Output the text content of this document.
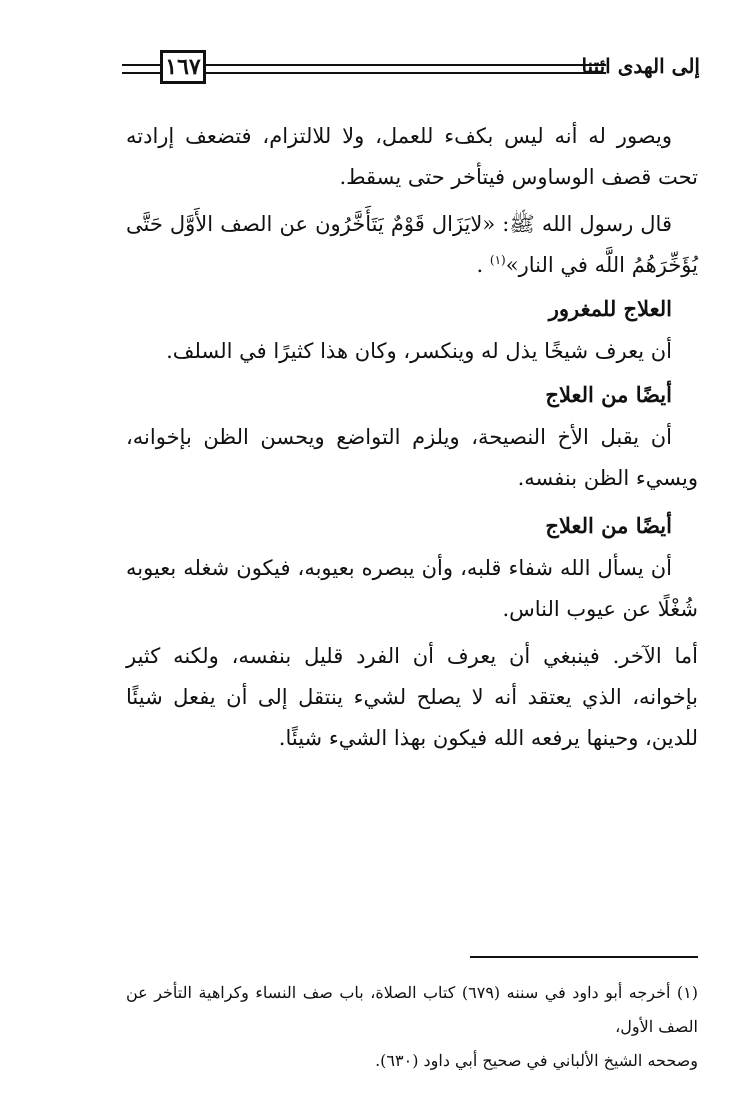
١٦٧	إلى الهدى ائتنا

ويصور له أنه ليس بكفء للعمل، ولا للالتزام، فتضعف إرادته تحت قصف الوساوس فيتأخر حتى يسقط.

قال رسول الله ﷺ: «لايَزَال قَوْمٌ يَتَأَخَّرُون عن الصف الأَوَّل حَتَّى يُؤَخِّرَهُمُ اللَّه في النار»$^{(١)}$ .

العلاج للمغرور

أن يعرف شيخًا يذل له وينكسر، وكان هذا كثيرًا في السلف.

أيضًا من العلاج

أن يقبل الأخ النصيحة، ويلزم التواضع ويحسن الظن بإخوانه، ويسيء الظن بنفسه.

أيضًا من العلاج

أن يسأل الله شفاء قلبه، وأن يبصره بعيوبه، فيكون شغله بعيوبه شُغْلًا عن عيوب الناس.

أما الآخر. فينبغي أن يعرف أن الفرد قليل بنفسه، ولكنه كثير بإخوانه، الذي يعتقد أنه لا يصلح لشيء ينتقل إلى أن يفعل شيئًا للدين، وحينها يرفعه الله فيكون بهذا الشيء شيئًا.

(١) أخرجه أبو داود في سننه (٦٧٩) كتاب الصلاة، باب صف النساء وكراهية التأخر عن الصف الأول،

وصححه الشيخ الألباني في صحيح أبي داود (٦٣٠).
